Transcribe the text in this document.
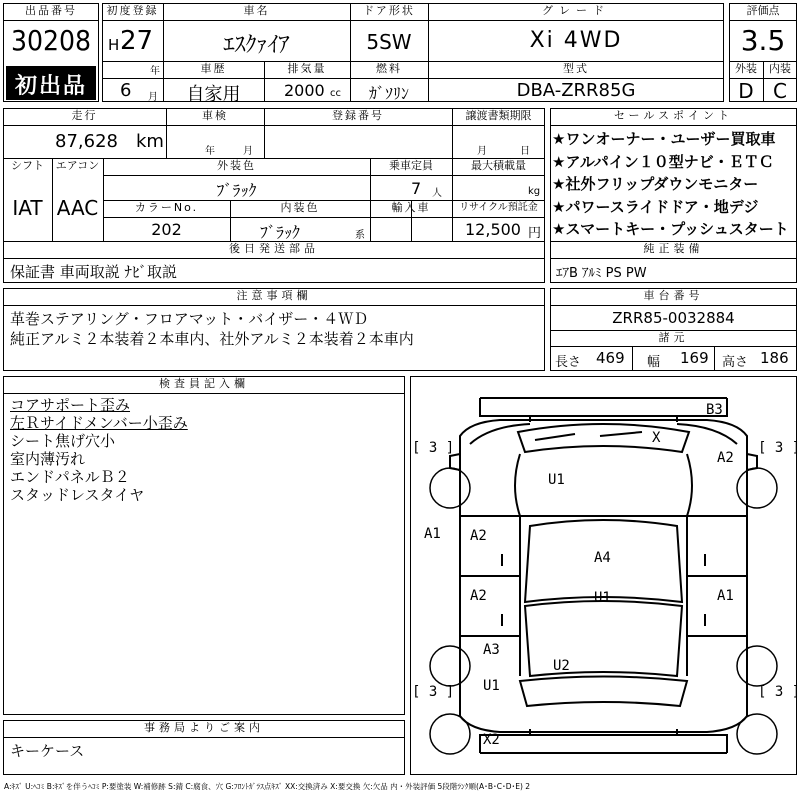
出品番号
30208
初出品
初度登録
H 27
年
6 月
車名
ｴｽｸｧｲｱ
ドア形状
5SW
グレード
Xi 4WD
車歴
自家用
排気量
2000 cc
燃料
ｶﾞｿﾘﾝ
型式
DBA-ZRR85G
評価点
3.5
外装	内装
D C
走行
87,628 km
車検
年	月
登録番号	譲渡書類期限
月	日
シフト
IAT
エアコン
AAC
外装色
ﾌﾞﾗｯｸ
乗車定員
7 人
最大積載量
kg
カラーNo.
202
内装色
ﾌﾞﾗｯｸ	系
輸入車	リサイクル預託金
12,500 円
後日発送部品
保証書 車両取説 ﾅﾋﾞ取説
セールスポイント
★ワンオーナー・ユーザー買取車
★アルパイン１０型ナビ・ＥＴＣ
★社外フリップダウンモニター
★パワースライドドア・地デジ
★スマートキー・プッシュスタート
純正装備
ｴｱB ｱﾙﾐ PS PW
注意事項欄
革巻ステアリング・フロアマット・バイザー・４ＷＤ
純正アルミ２本装着２本車内、社外アルミ２本装着２本車内
車台番号
ZRR85-0032884
諸元
長さ 469 幅 169 高さ 186
検査員記入欄
コアサポート歪み
左Ｒサイドメンバー小歪み
シート焦げ穴小
室内薄汚れ
エンドパネルＢ２
スタッドレスタイヤ
事務局よりご案内
キーケース
B3
X
A2
U1
A1 A2
A4
A2	U1	A1
A3
U2
U1
X2
[ 3 ]	[ 3 ]
[ 3 ]	[ 3 ]
A:ｷｽﾞ U:ﾍｺﾐ B:ｷｽﾞを伴うﾍｺﾐ P:要塗装 W:補修跡 S:錆 C:腐食、穴 G:ﾌﾛﾝﾄｶﾞﾗｽ点ｷｽﾞ XX:交換済み X:要交換 欠:欠品 内・外装評価 5段階ﾗﾝｸ順(A･B･C･D･E) 2
